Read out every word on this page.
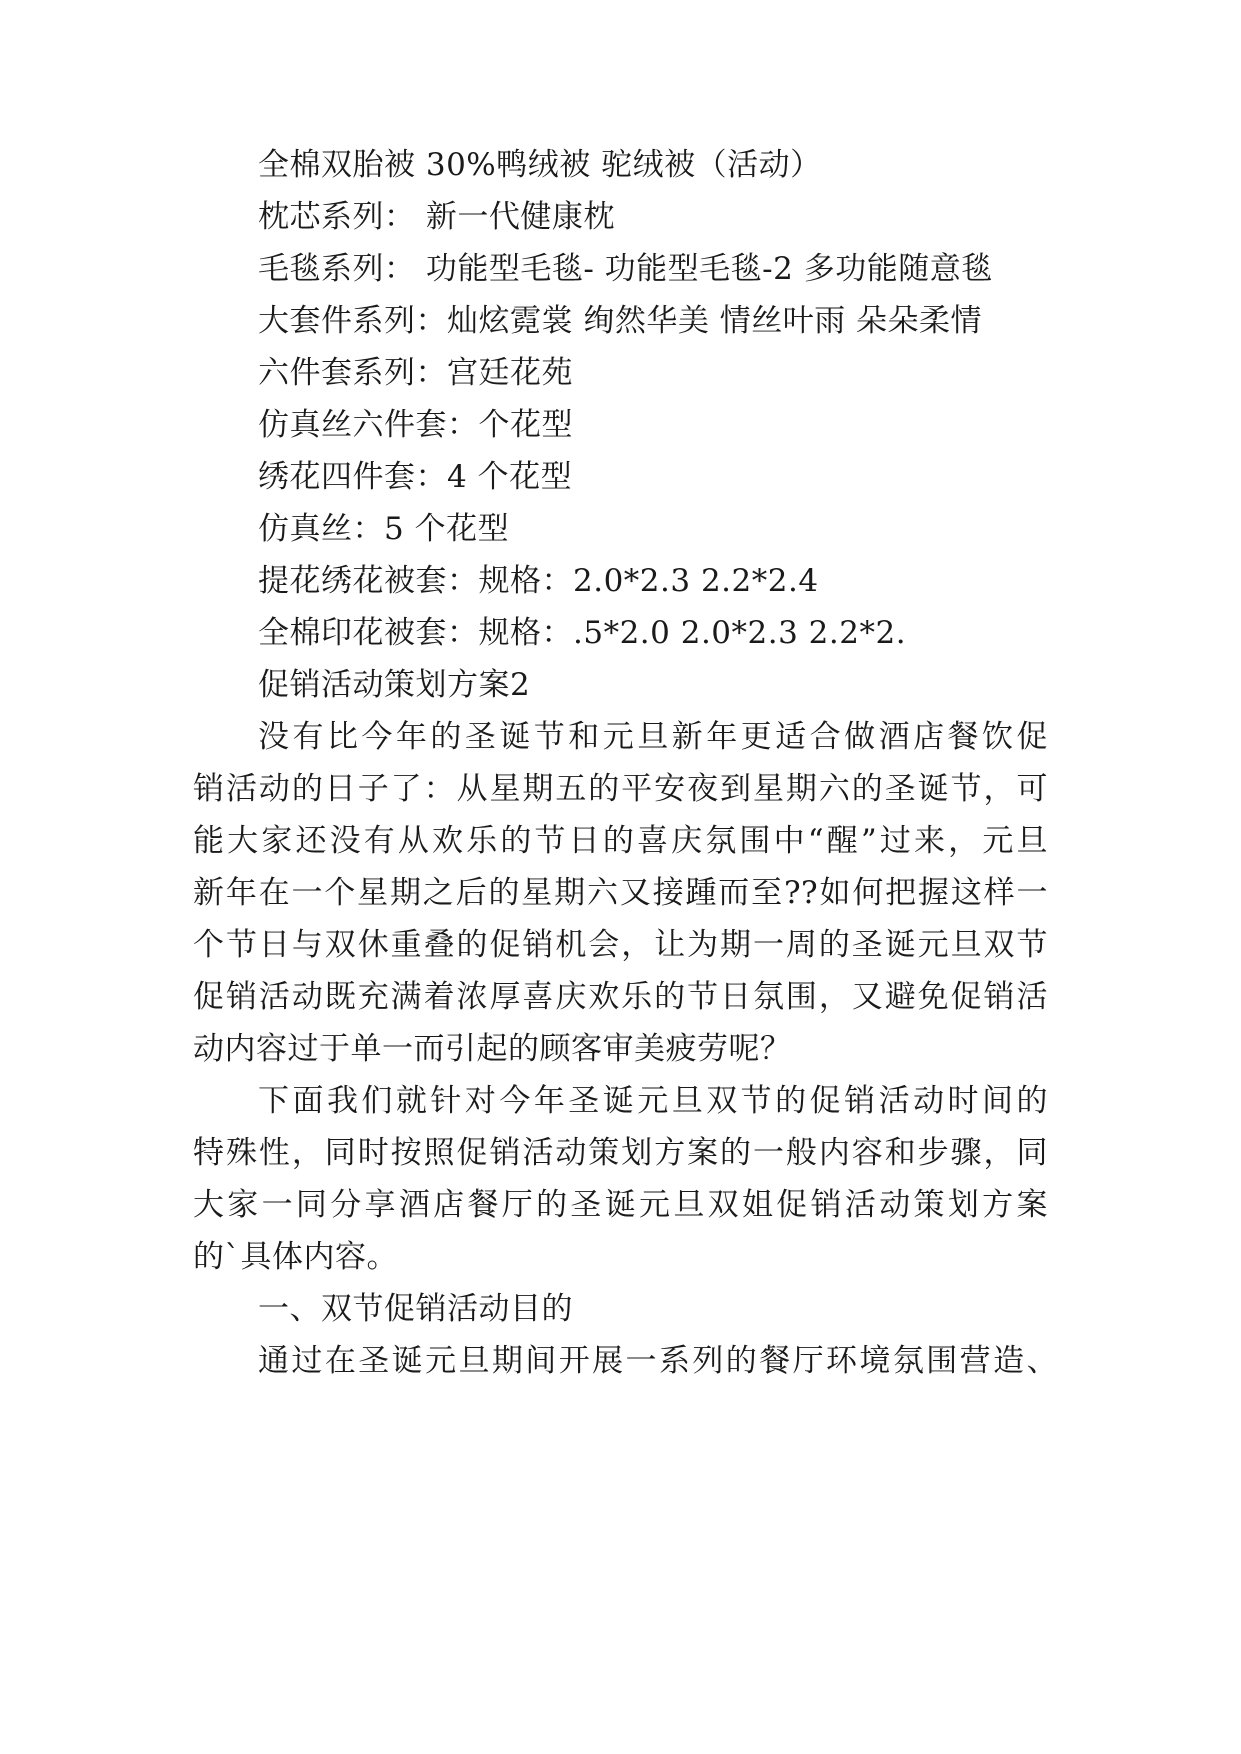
全棉双胎被 30%鸭绒被 驼绒被（活动）
枕芯系列： 新一代健康枕
毛毯系列： 功能型毛毯- 功能型毛毯-2 多功能随意毯
大套件系列：灿炫霓裳 绚然华美 情丝叶雨 朵朵柔情
六件套系列：宫廷花苑
仿真丝六件套：个花型
绣花四件套：4 个花型
仿真丝：5 个花型
提花绣花被套：规格：2.0*2.3 2.2*2.4
全棉印花被套：规格：.5*2.0 2.0*2.3 2.2*2.
促销活动策划方案2
没有比今年的圣诞节和元旦新年更适合做酒店餐饮促
销活动的日子了：从星期五的平安夜到星期六的圣诞节，可
能大家还没有从欢乐的节日的喜庆氛围中“醒”过来，元旦
新年在一个星期之后的星期六又接踵而至??如何把握这样一
个节日与双休重叠的促销机会，让为期一周的圣诞元旦双节
促销活动既充满着浓厚喜庆欢乐的节日氛围，又避免促销活
动内容过于单一而引起的顾客审美疲劳呢？
下面我们就针对今年圣诞元旦双节的促销活动时间的
特殊性，同时按照促销活动策划方案的一般内容和步骤，同
大家一同分享酒店餐厅的圣诞元旦双姐促销活动策划方案
的`具体内容。
一、双节促销活动目的
通过在圣诞元旦期间开展一系列的餐厅环境氛围营造、
